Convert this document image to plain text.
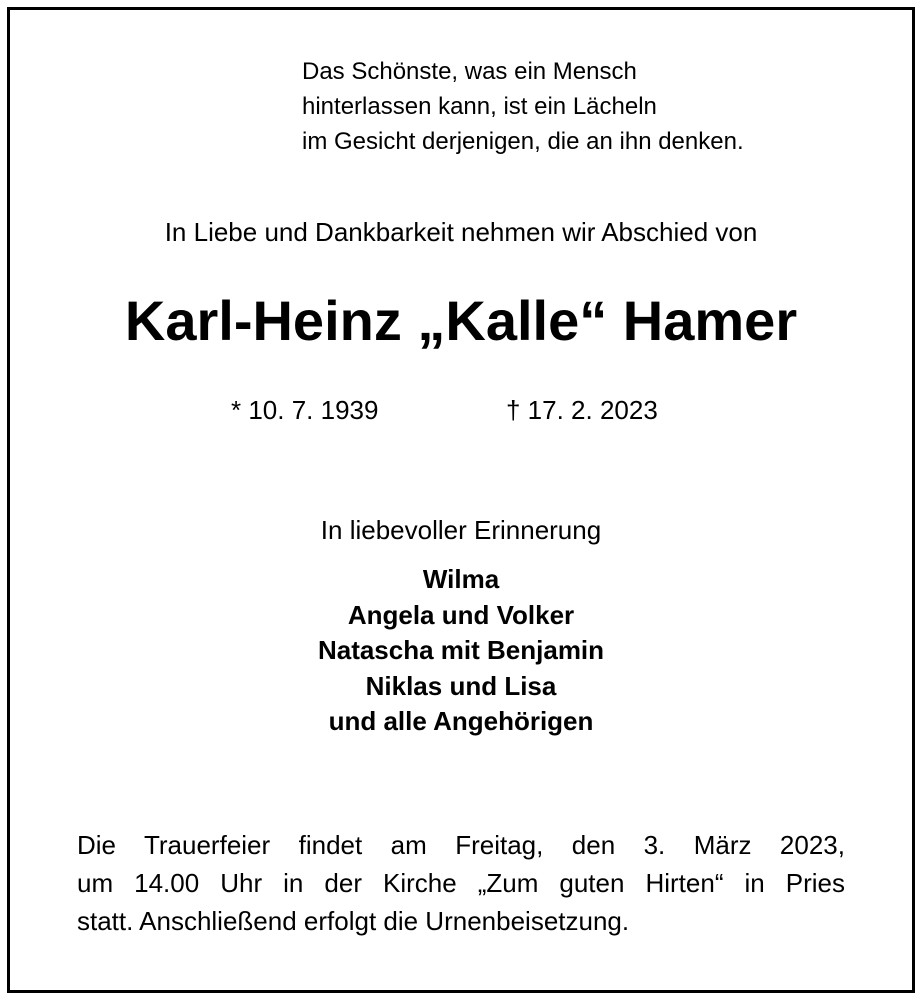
Das Schönste, was ein Mensch
hinterlassen kann, ist ein Lächeln
im Gesicht derjenigen, die an ihn denken.
In Liebe und Dankbarkeit nehmen wir Abschied von
Karl-Heinz „Kalle“ Hamer
* 10. 7. 1939	† 17. 2. 2023
In liebevoller Erinnerung
Wilma
Angela und Volker
Natascha mit Benjamin
Niklas und Lisa
und alle Angehörigen
Die Trauerfeier findet am Freitag, den 3. März 2023,
um 14.00 Uhr in der Kirche „Zum guten Hirten“ in Pries
statt. Anschließend erfolgt die Urnenbeisetzung.
